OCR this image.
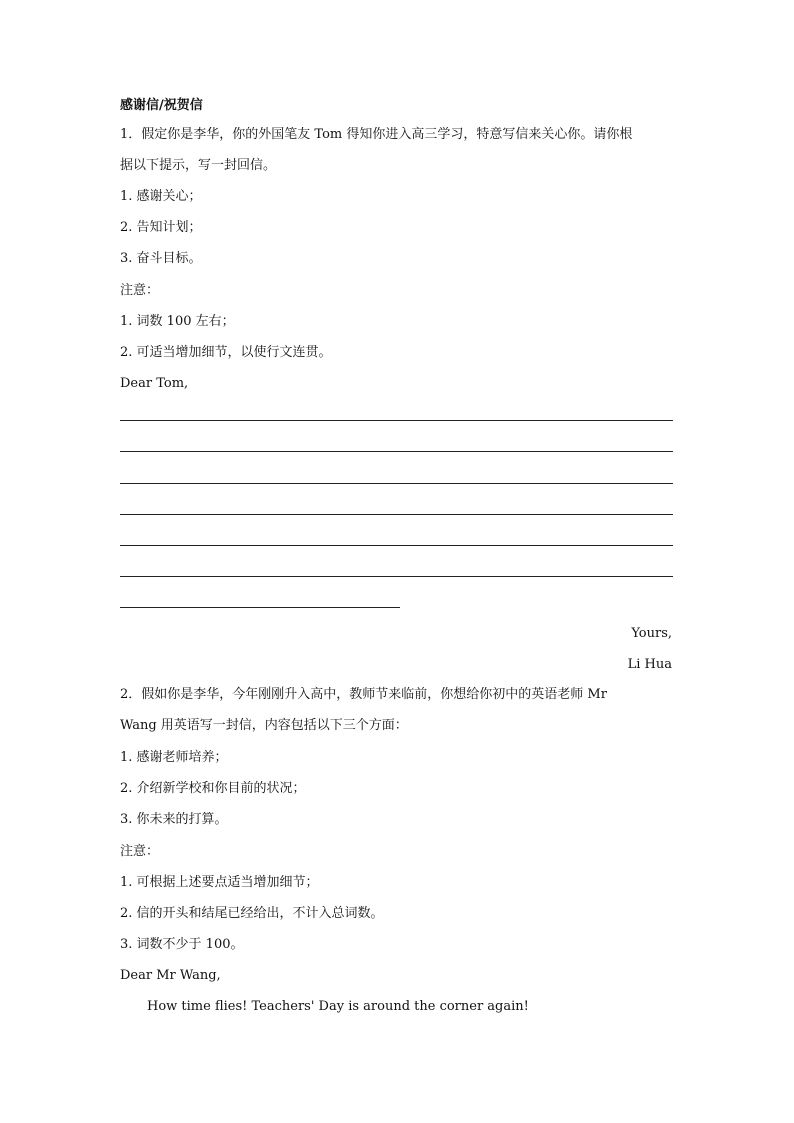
感谢信/祝贺信
1．假定你是李华，你的外国笔友 Tom 得知你进入高三学习，特意写信来关心你。请你根
据以下提示，写一封回信。
1. 感谢关心；
2. 告知计划；
3. 奋斗目标。
注意：
1. 词数 100 左右；
2. 可适当增加细节，以使行文连贯。
Dear Tom,
Yours,
Li Hua
2．假如你是李华，今年刚刚升入高中，教师节来临前，你想给你初中的英语老师 Mr
Wang 用英语写一封信，内容包括以下三个方面：
1. 感谢老师培养；
2. 介绍新学校和你目前的状况；
3. 你未来的打算。
注意：
1. 可根据上述要点适当增加细节；
2. 信的开头和结尾已经给出，不计入总词数。
3. 词数不少于 100。
Dear Mr Wang,
How time flies! Teachers' Day is around the corner again!
